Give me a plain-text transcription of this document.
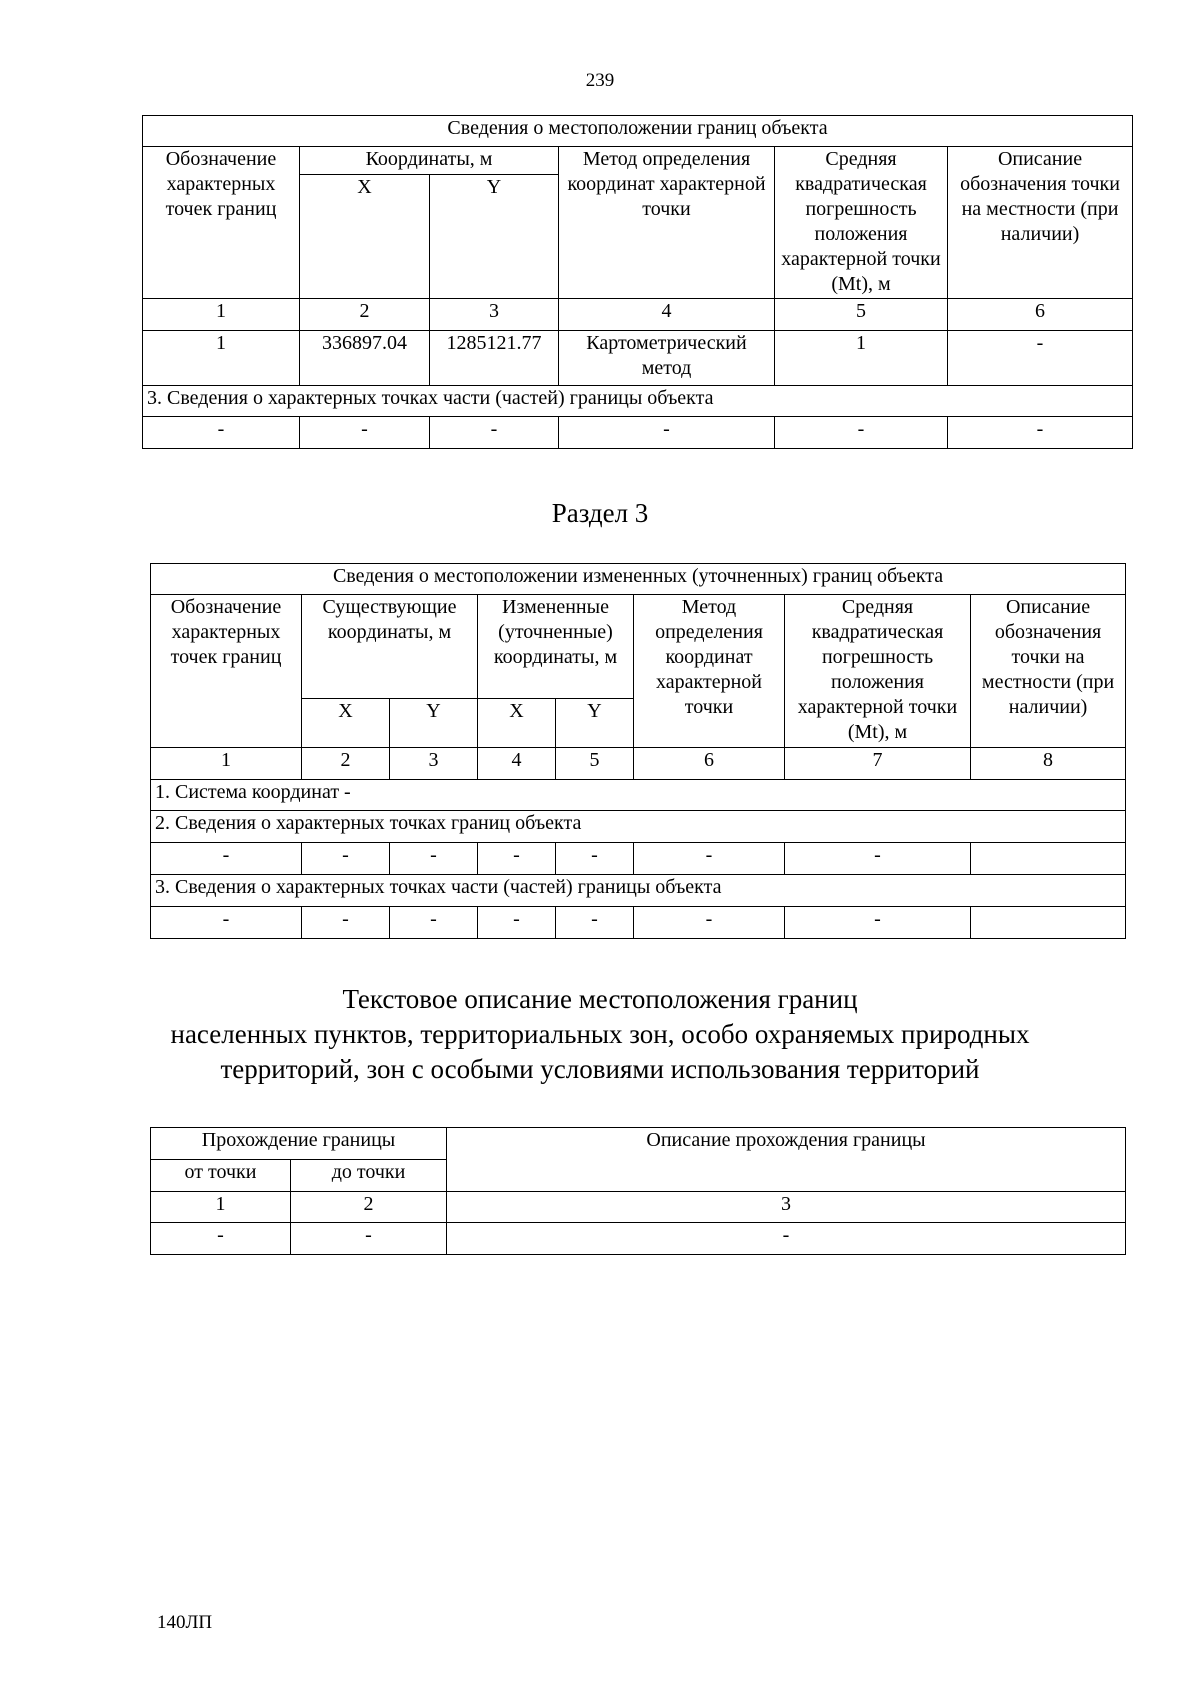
239
Сведения о местоположении границ объекта					
Обозначение характерных точек границ	Координаты, м		Метод определения координат характерной точки	Средняя квадратическая погрешность положения характерной точки (Mt), м	Описание обозначения точки на местности (при наличии)
	X	Y			
1	2	3	4	5	6
1	336897.04	1285121.77	Картометрический метод	1	-
3. Сведения о характерных точках части (частей) границы объекта					
-	-	-	-	-	-
Раздел 3
Сведения о местоположении измененных (уточненных) границ объекта							
Обозначение характерных точек границ	Существующие координаты, м		Измененные (уточненные) координаты, м		Метод определения координат характерной точки	Средняя квадратическая погрешность положения характерной точки (Mt), м	Описание обозначения точки на местности (при наличии)
	X	Y	X	Y			
1	2	3	4	5	6	7	8
1. Система координат -							
2. Сведения о характерных точках границ объекта							
-	-	-	-	-	-	-	
3. Сведения о характерных точках части (частей) границы объекта							
-	-	-	-	-	-	-	
Текстовое описание местоположения границ
населенных пунктов, территориальных зон, особо охраняемых природных
территорий, зон с особыми условиями использования территорий
Прохождение границы		Описание прохождения границы
от точки	до точки	
1	2	3
-	-	-
140ЛП
